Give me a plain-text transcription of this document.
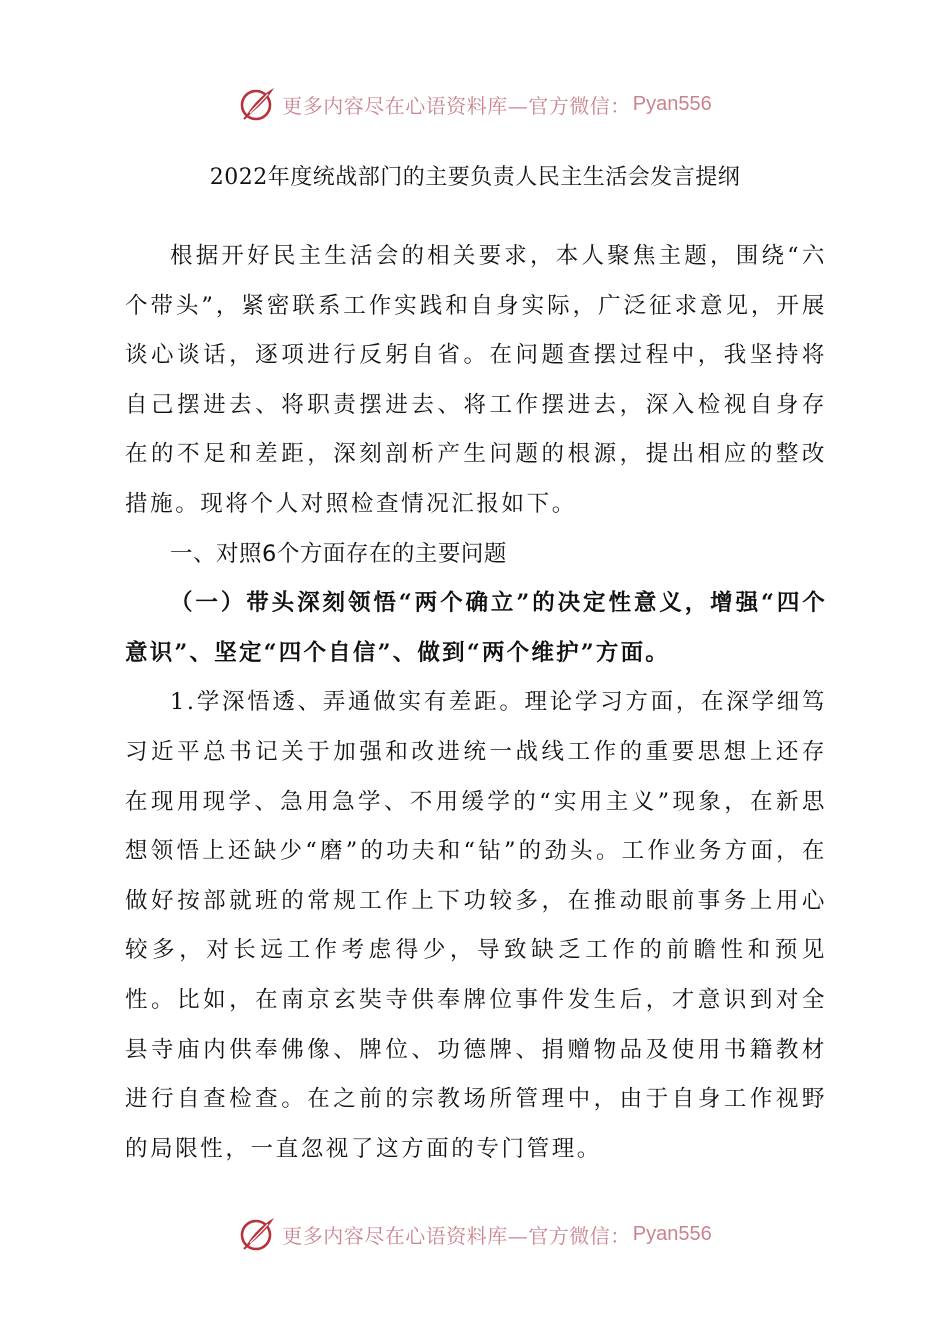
更多内容尽在心语资料库—官方微信： Pyan556
2022年度统战部门的主要负责人民主生活会发言提纲

根据开好民主生活会的相关要求，本人聚焦主题，围绕“六个带头”，紧密联系工作实践和自身实际，广泛征求意见，开展谈心谈话，逐项进行反躬自省。在问题查摆过程中，我坚持将自己摆进去、将职责摆进去、将工作摆进去，深入检视自身存在的不足和差距，深刻剖析产生问题的根源，提出相应的整改措施。现将个人对照检查情况汇报如下。

一、对照6个方面存在的主要问题

（一）带头深刻领悟“两个确立”的决定性意义，增强“四个意识”、坚定“四个自信”、做到“两个维护”方面。

1.学深悟透、弄通做实有差距。理论学习方面，在深学细笃习近平总书记关于加强和改进统一战线工作的重要思想上还存在现用现学、急用急学、不用缓学的“实用主义”现象，在新思想领悟上还缺少“磨”的功夫和“钻”的劲头。工作业务方面，在做好按部就班的常规工作上下功较多，在推动眼前事务上用心较多，对长远工作考虑得少，导致缺乏工作的前瞻性和预见性。比如，在南京玄奘寺供奉牌位事件发生后，才意识到对全县寺庙内供奉佛像、牌位、功德牌、捐赠物品及使用书籍教材进行自查检查。在之前的宗教场所管理中，由于自身工作视野的局限性，一直忽视了这方面的专门管理。

更多内容尽在心语资料库—官方微信： Pyan556
